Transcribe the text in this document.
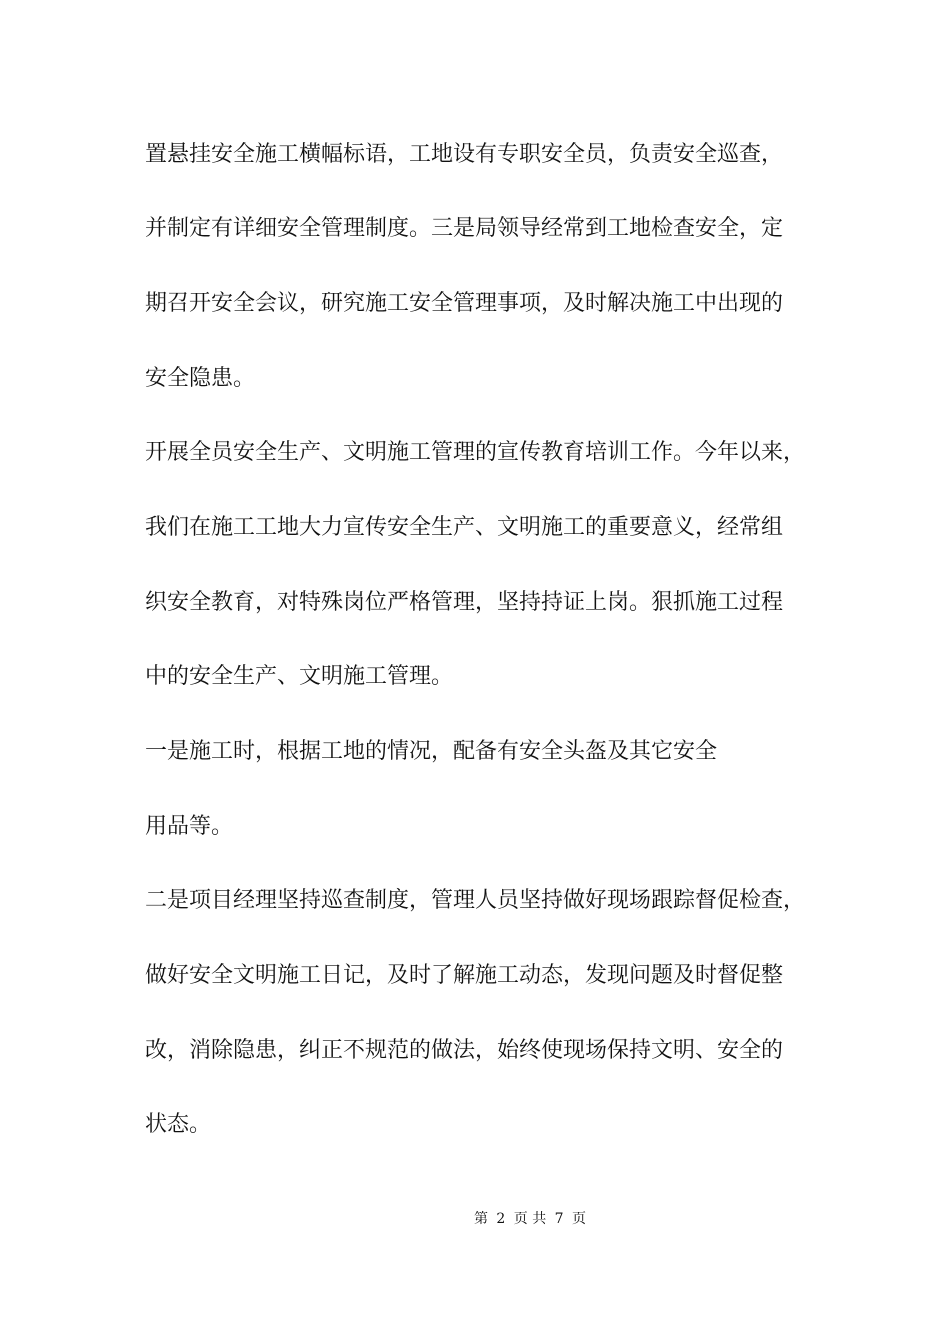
置悬挂安全施工横幅标语，工地设有专职安全员，负责安全巡查，
并制定有详细安全管理制度。三是局领导经常到工地检查安全，定
期召开安全会议，研究施工安全管理事项，及时解决施工中出现的
安全隐患。
开展全员安全生产、文明施工管理的宣传教育培训工作。今年以来，
我们在施工工地大力宣传安全生产、文明施工的重要意义，经常组
织安全教育，对特殊岗位严格管理，坚持持证上岗。狠抓施工过程
中的安全生产、文明施工管理。
一是施工时，根据工地的情况，配备有安全头盔及其它安全
用品等。
二是项目经理坚持巡查制度，管理人员坚持做好现场跟踪督促检查，
做好安全文明施工日记，及时了解施工动态，发现问题及时督促整
改，消除隐患，纠正不规范的做法，始终使现场保持文明、安全的
状态。
第 2 页 共 7 页
